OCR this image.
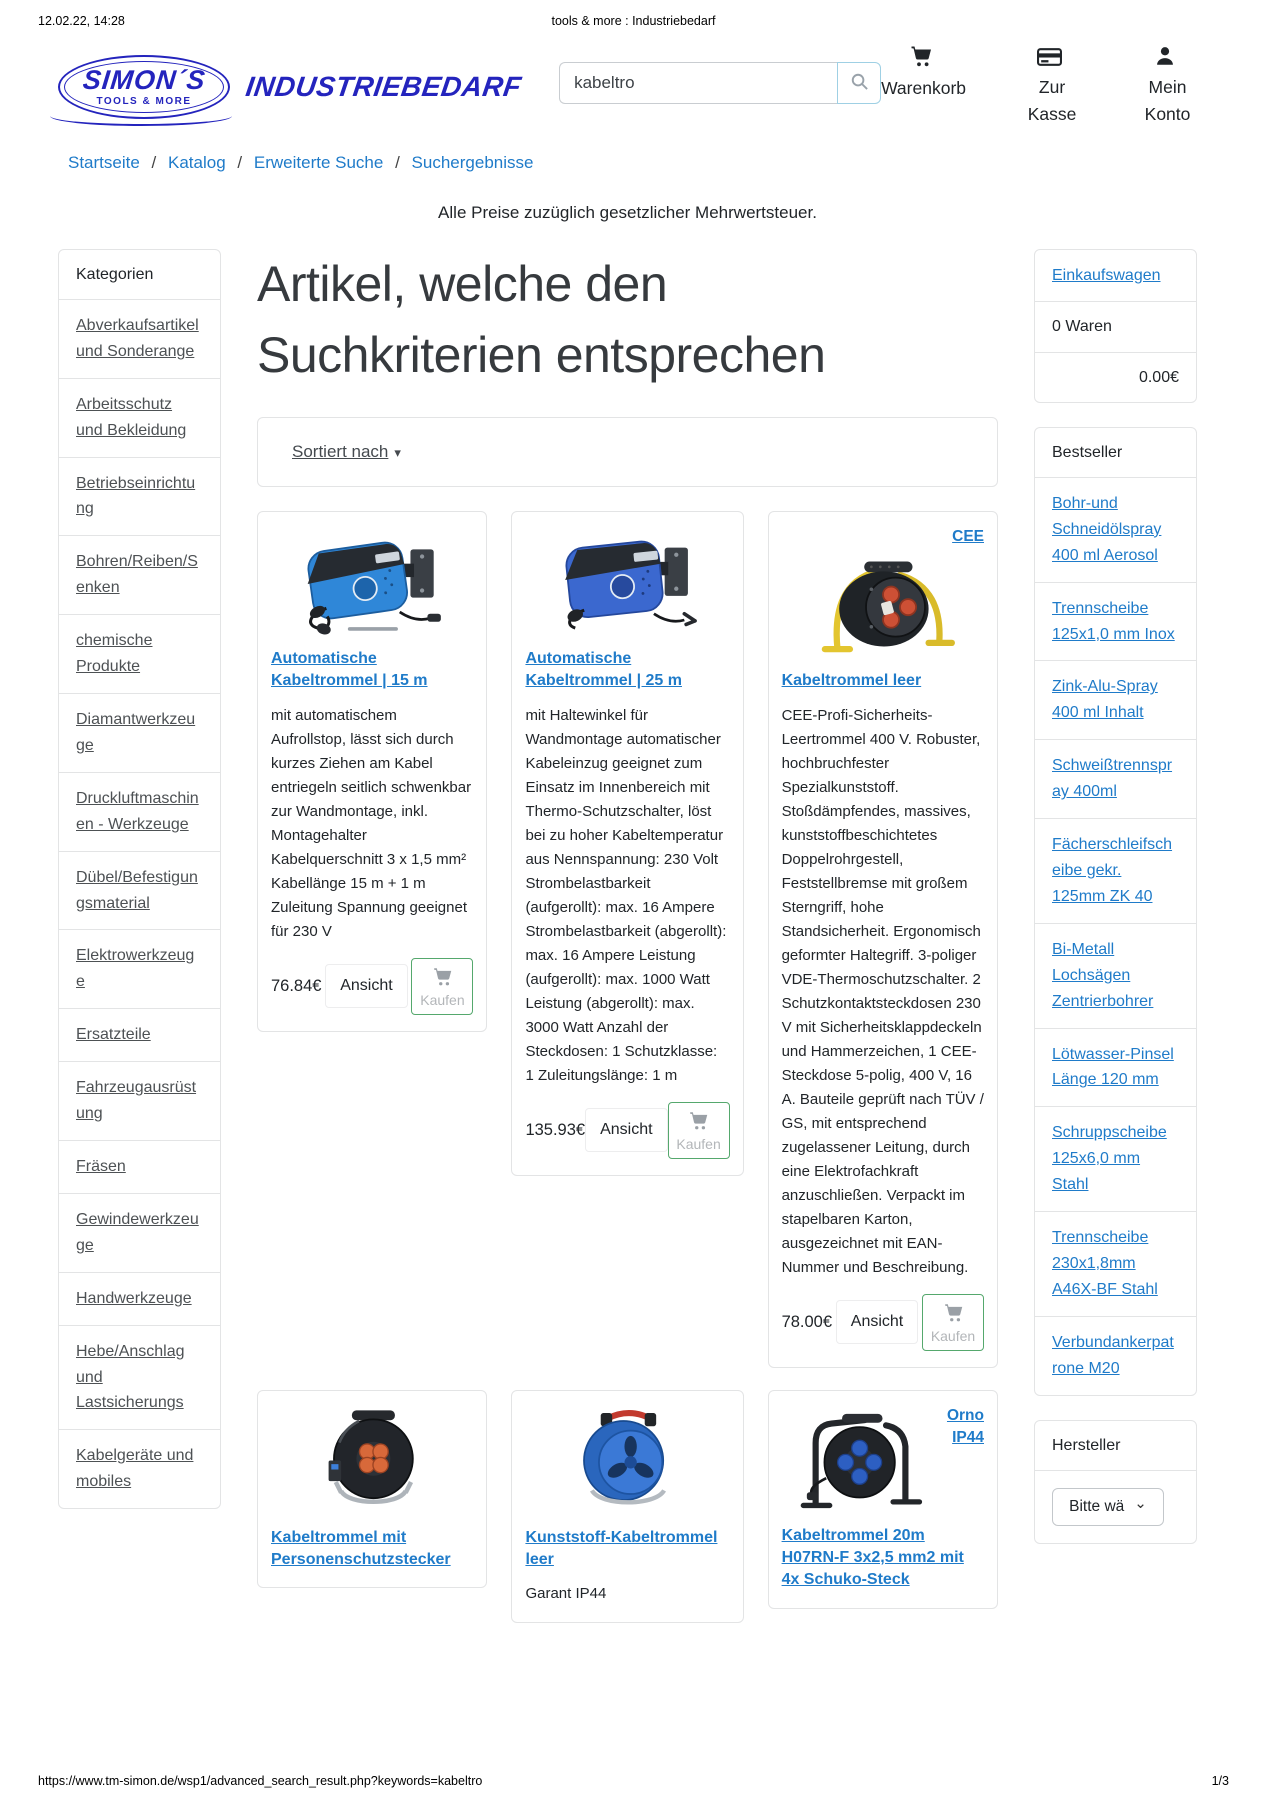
12.02.22, 14:28	tools & more : Industriebedarf
SIMON´S
TOOLS & MORE INDUSTRIEBEDARF
kabeltro	Warenkorb	Zur Kasse
Mein Konto
Startseite / Katalog / Erweiterte Suche / Suchergebnisse

Alle Preise zuzüglich gesetzlicher Mehrwertsteuer.

Kategorien
Abverkaufsartikel und Sonderange
Arbeitsschutz und Bekleidung
Betriebseinrichtung
Bohren/Reiben/Senken
chemische Produkte
Diamantwerkzeuge
Druckluftmaschinen - Werkzeuge
Dübel/Befestigungsmaterial
Elektrowerkzeuge
Ersatzteile
Fahrzeugausrüstung
Fräsen
Gewindewerkzeuge
Handwerkzeuge
Hebe/Anschlag und Lastsicherungs
Kabelgeräte und mobiles
Artikel, welche den Suchkriterien entsprechen
Sortiert nach ▾
Automatische Kabeltrommel | 15 m

mit automatischem Aufrollstop, lässt sich durch kurzes Ziehen am Kabel entriegeln seitlich schwenkbar zur Wandmontage, inkl. Montagehalter Kabelquerschnitt 3 x 1,5 mm² Kabellänge 15 m + 1 m Zuleitung Spannung geeignet für 230 V

76.84€	Ansicht
Kaufen
Automatische Kabeltrommel | 25 m

mit Haltewinkel für Wandmontage automatischer Kabeleinzug geeignet zum Einsatz im Innenbereich mit Thermo-Schutzschalter, löst bei zu hoher Kabeltemperatur aus Nennspannung: 230 Volt Strombelastbarkeit (aufgerollt): max. 16 Ampere Strombelastbarkeit (abgerollt): max. 16 Ampere Leistung (aufgerollt): max. 1000 Watt Leistung (abgerollt): max. 3000 Watt Anzahl der Steckdosen: 1 Schutzklasse: 1 Zuleitungslänge: 1 m

135.93€ Ansicht
Kaufen
CEE
Kabeltrommel leer

CEE-Profi-Sicherheits-Leertrommel 400 V. Robuster, hochbruchfester Spezialkunststoff. Stoßdämpfendes, massives, kunststoffbeschichtetes Doppelrohrgestell, Feststellbremse mit großem Sterngriff, hohe Standsicherheit. Ergonomisch geformter Haltegriff. 3-poliger VDE-Thermoschutzschalter. 2 Schutzkontaktsteckdosen 230 V mit Sicherheitsklappdeckeln und Hammerzeichen, 1 CEE-Steckdose 5-polig, 400 V, 16 A. Bauteile geprüft nach TÜV / GS, mit entsprechend zugelassener Leitung, durch eine Elektrofachkraft anzuschließen. Verpackt im stapelbaren Karton, ausgezeichnet mit EAN-Nummer und Beschreibung.

78.00€	Ansicht
Kaufen
Kabeltrommel mit Personenschutzstecker
Kunststoff-Kabeltrommel leer

Garant IP44

Orno IP44
Kabeltrommel 20m H07RN-F 3x2,5 mm2 mit 4x Schuko-Steck
Einkaufswagen
0 Waren
0.00€
Bestseller
Bohr-und Schneidölspray 400 ml Aerosol
Trennscheibe 125x1,0 mm Inox
Zink-Alu-Spray 400 ml Inhalt
Schweißtrennspray 400ml
Fächerschleifscheibe gekr. 125mm ZK 40
Bi-Metall Lochsägen Zentrierbohrer
Lötwasser-Pinsel Länge 120 mm
Schruppscheibe 125x6,0 mm Stahl
Trennscheibe 230x1,8mm A46X-BF Stahl
Verbundankerpatrone M20
Hersteller
Bitte wä ⌄
https://www.tm-simon.de/wsp1/advanced_search_result.php?keywords=kabeltro	1/3
